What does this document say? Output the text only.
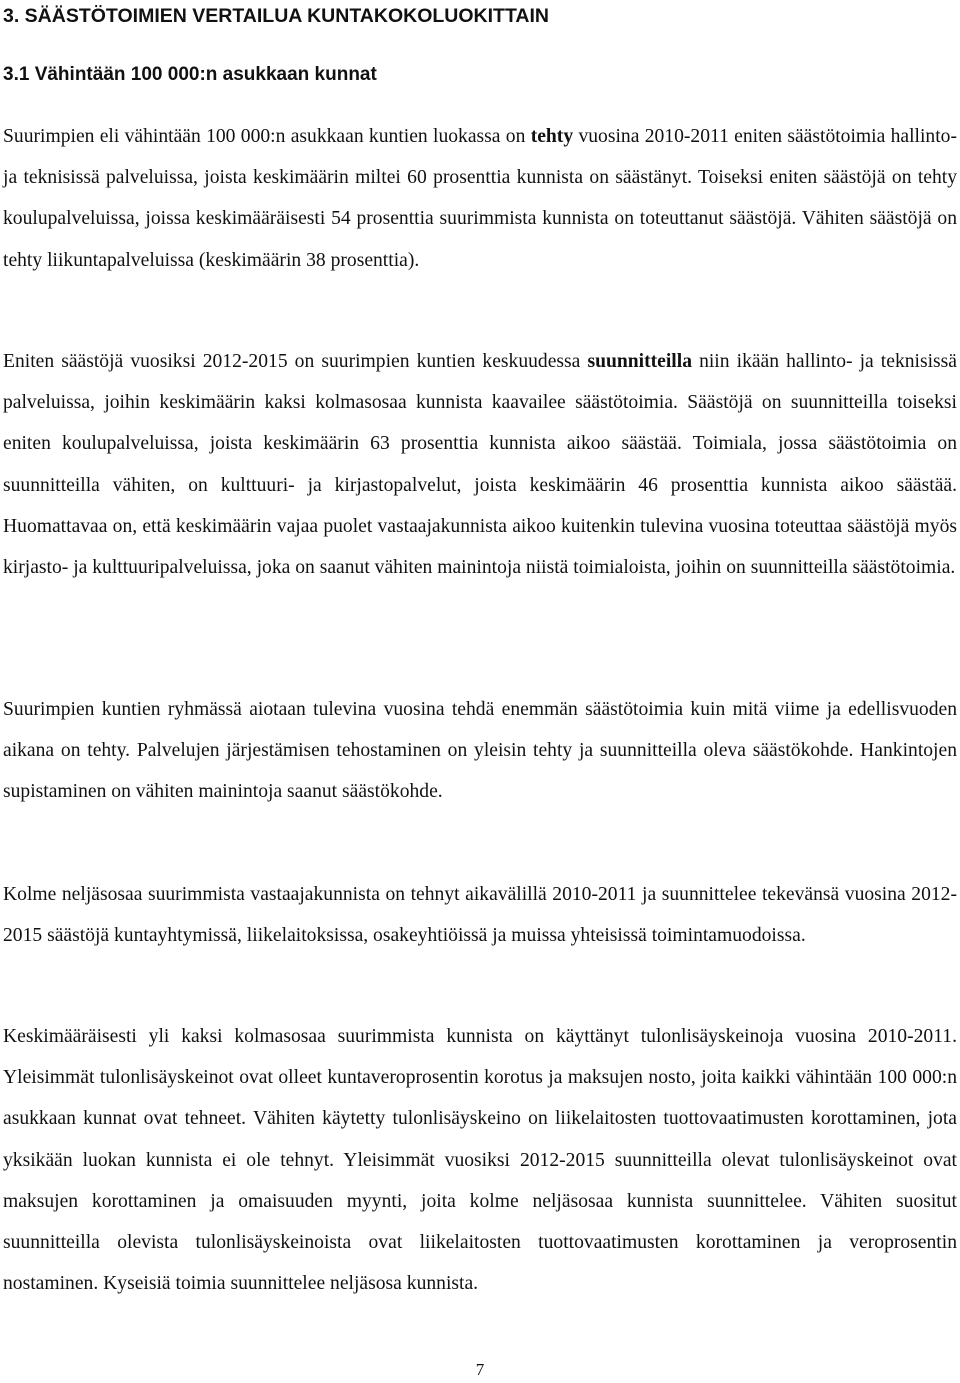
3. SÄÄSTÖTOIMIEN VERTAILUA KUNTAKOKOLUOKITTAIN
3.1 Vähintään 100 000:n asukkaan kunnat

Suurimpien eli vähintään 100 000:n asukkaan kuntien luokassa on tehty vuosina 2010-2011 eniten säästötoimia hallinto- ja teknisissä palveluissa, joista keskimäärin miltei 60 prosenttia kunnista on säästänyt. Toiseksi eniten säästöjä on tehty koulupalveluissa, joissa keskimääräisesti 54 prosenttia suurimmista kunnista on toteuttanut säästöjä. Vähiten säästöjä on tehty liikuntapalveluissa (keskimäärin 38 prosenttia).

Eniten säästöjä vuosiksi 2012-2015 on suurimpien kuntien keskuudessa suunnitteilla niin ikään hallinto- ja teknisissä palveluissa, joihin keskimäärin kaksi kolmasosaa kunnista kaavailee säästötoimia. Säästöjä on suunnitteilla toiseksi eniten koulupalveluissa, joista keskimäärin 63 prosenttia kunnista aikoo säästää. Toimiala, jossa säästötoimia on suunnitteilla vähiten, on kulttuuri- ja kirjastopalvelut, joista keskimäärin 46 prosenttia kunnista aikoo säästää. Huomattavaa on, että keskimäärin vajaa puolet vastaajakunnista aikoo kuitenkin tulevina vuosina toteuttaa säästöjä myös kirjasto- ja kulttuuripalveluissa, joka on saanut vähiten mainintoja niistä toimialoista, joihin on suunnitteilla säästötoimia.

Suurimpien kuntien ryhmässä aiotaan tulevina vuosina tehdä enemmän säästötoimia kuin mitä viime ja edellisvuoden aikana on tehty. Palvelujen järjestämisen tehostaminen on yleisin tehty ja suunnitteilla oleva säästökohde. Hankintojen supistaminen on vähiten mainintoja saanut säästökohde.

Kolme neljäsosaa suurimmista vastaajakunnista on tehnyt aikavälillä 2010-2011 ja suunnittelee tekevänsä vuosina 2012-2015 säästöjä kuntayhtymissä, liikelaitoksissa, osakeyhtiöissä ja muissa yhteisissä toimintamuodoissa.

Keskimääräisesti yli kaksi kolmasosaa suurimmista kunnista on käyttänyt tulonlisäyskeinoja vuosina 2010-2011. Yleisimmät tulonlisäyskeinot ovat olleet kuntaveroprosentin korotus ja maksujen nosto, joita kaikki vähintään 100 000:n asukkaan kunnat ovat tehneet. Vähiten käytetty tulonlisäyskeino on liikelaitosten tuottovaatimusten korottaminen, jota yksikään luokan kunnista ei ole tehnyt. Yleisimmät vuosiksi 2012-2015 suunnitteilla olevat tulonlisäyskeinot ovat maksujen korottaminen ja omaisuuden myynti, joita kolme neljäsosaa kunnista suunnittelee. Vähiten suositut suunnitteilla olevista tulonlisäyskeinoista ovat liikelaitosten tuottovaatimusten korottaminen ja veroprosentin nostaminen. Kyseisiä toimia suunnittelee neljäsosa kunnista.

7
